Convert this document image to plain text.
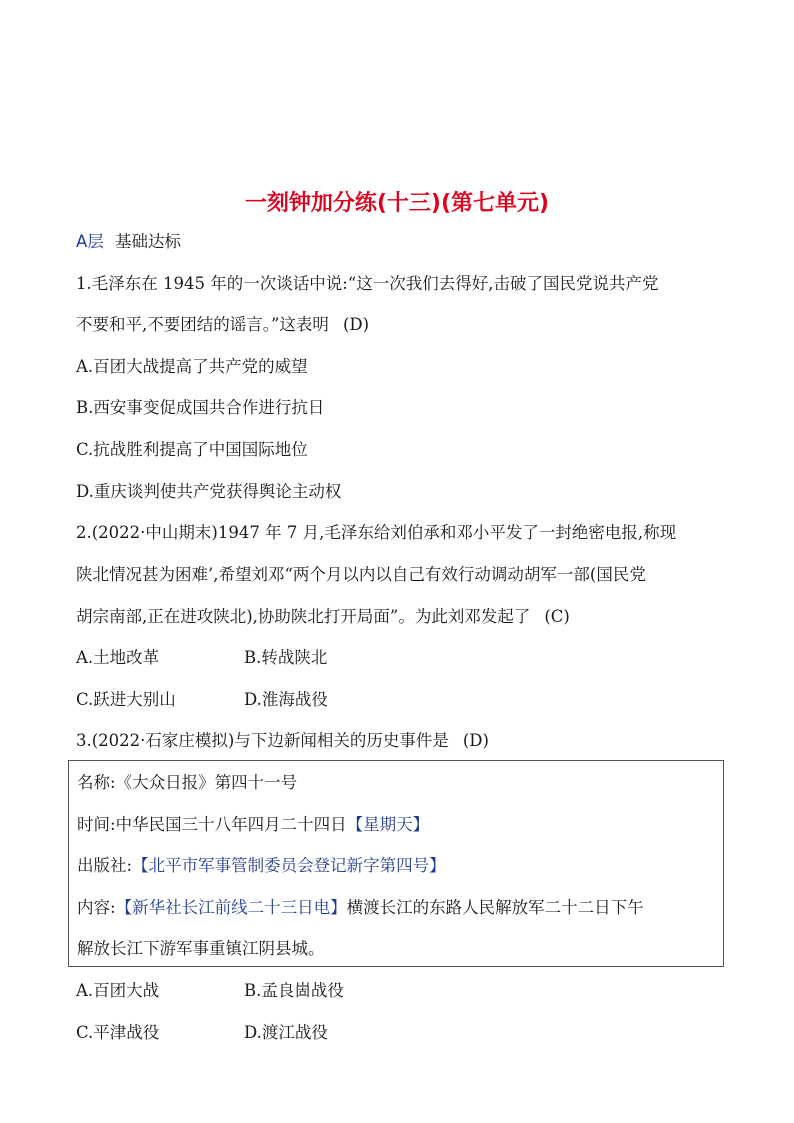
一刻钟加分练(十三)(第七单元)
A层 基础达标
1.毛泽东在 1945 年的一次谈话中说:“这一次我们去得好,击破了国民党说共产党
不要和平,不要团结的谣言。”这表明 (D)
A.百团大战提高了共产党的威望
B.西安事变促成国共合作进行抗日
C.抗战胜利提高了中国国际地位
D.重庆谈判使共产党获得舆论主动权
2.(2022·中山期末)1947 年 7 月,毛泽东给刘伯承和邓小平发了一封绝密电报,称现
陕北情况甚为困难’,希望刘邓“两个月以内以自己有效行动调动胡军一部(国民党
胡宗南部,正在进攻陕北),协助陕北打开局面”。为此刘邓发起了 (C)
A.土地改革	B.转战陕北
C.跃进大别山	D.淮海战役
3.(2022·石家庄模拟)与下边新闻相关的历史事件是 (D)
名称:《大众日报》第四十一号
时间:中华民国三十八年四月二十四日【星期天】
出版社:【北平市军事管制委员会登记新字第四号】
内容:【新华社长江前线二十三日电】横渡长江的东路人民解放军二十二日下午
解放长江下游军事重镇江阴县城。
A.百团大战	B.孟良崮战役
C.平津战役	D.渡江战役
